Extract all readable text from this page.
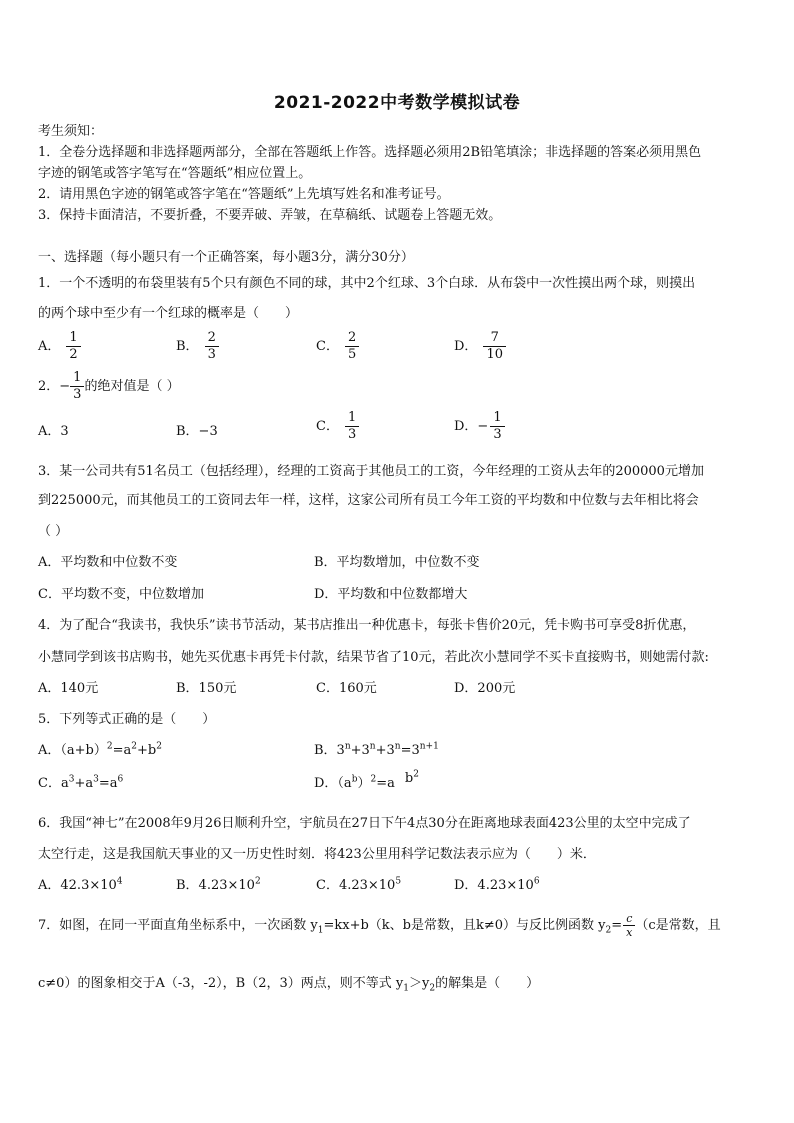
2021-2022中考数学模拟试卷
考生须知：
1．全卷分选择题和非选择题两部分，全部在答题纸上作答。选择题必须用2B铅笔填涂；非选择题的答案必须用黑色
字迹的钢笔或答字笔写在“答题纸”相应位置上。
2．请用黑色字迹的钢笔或答字笔在“答题纸”上先填写姓名和准考证号。
3．保持卡面清洁，不要折叠，不要弄破、弄皱，在草稿纸、试题卷上答题无效。
一、选择题（每小题只有一个正确答案，每小题3分，满分30分）
1．一个不透明的布袋里装有5个只有颜色不同的球，其中2个红球、3个白球．从布袋中一次性摸出两个球，则摸出
的两个球中至少有一个红球的概率是（　　）
A． $\frac{1}{2}$	B． $\frac{2}{3}$	C． $\frac{2}{5}$	D． $\frac{7}{10}$
2．− $\frac{1}{3}$ 的绝对值是（ ）
A．3	B．−3	C． $\frac{1}{3}$	D．− $\frac{1}{3}$
3．某一公司共有51名员工（包括经理），经理的工资高于其他员工的工资，今年经理的工资从去年的200000元增加
到225000元，而其他员工的工资同去年一样，这样，这家公司所有员工今年工资的平均数和中位数与去年相比将会
（ ）
A．平均数和中位数不变	B．平均数增加，中位数不变
C．平均数不变，中位数增加	D．平均数和中位数都增大
4．为了配合“我读书，我快乐”读书节活动，某书店推出一种优惠卡，每张卡售价20元，凭卡购书可享受8折优惠，
小慧同学到该书店购书，她先买优惠卡再凭卡付款，结果节省了10元，若此次小慧同学不买卡直接购书，则她需付款:
A．140元	B．150元	C．160元	D．200元
5．下列等式正确的是（　　）
A．$(a+b)^2=a^2+b^2$	B．$3^n+3^n+3^n=3^{n+1}$
C．$a^3+a^3=a^6$	D．$(a^b)^2=a$ $b^2$
6．我国“神七”在2008年9月26日顺利升空，宇航员在27日下午4点30分在距离地球表面423公里的太空中完成了
太空行走，这是我国航天事业的又一历史性时刻．将423公里用科学记数法表示应为（　　）米．
A．$42.3\times 10^4$	B．$4.23\times 10^2$	C．$4.23\times 10^5$	D．$4.23\times 10^6$
7．如图，在同一平面直角坐标系中，一次函数 $y_1=kx+b(k$、b是常数，且k≠0）与反比例函数 $y_2= \frac{c}{x} (c$是常数，且
c≠0）的图象相交于A（-3，-2），B（2，3）两点，则不等式 $y_1>y_2$的解集是（　　）
